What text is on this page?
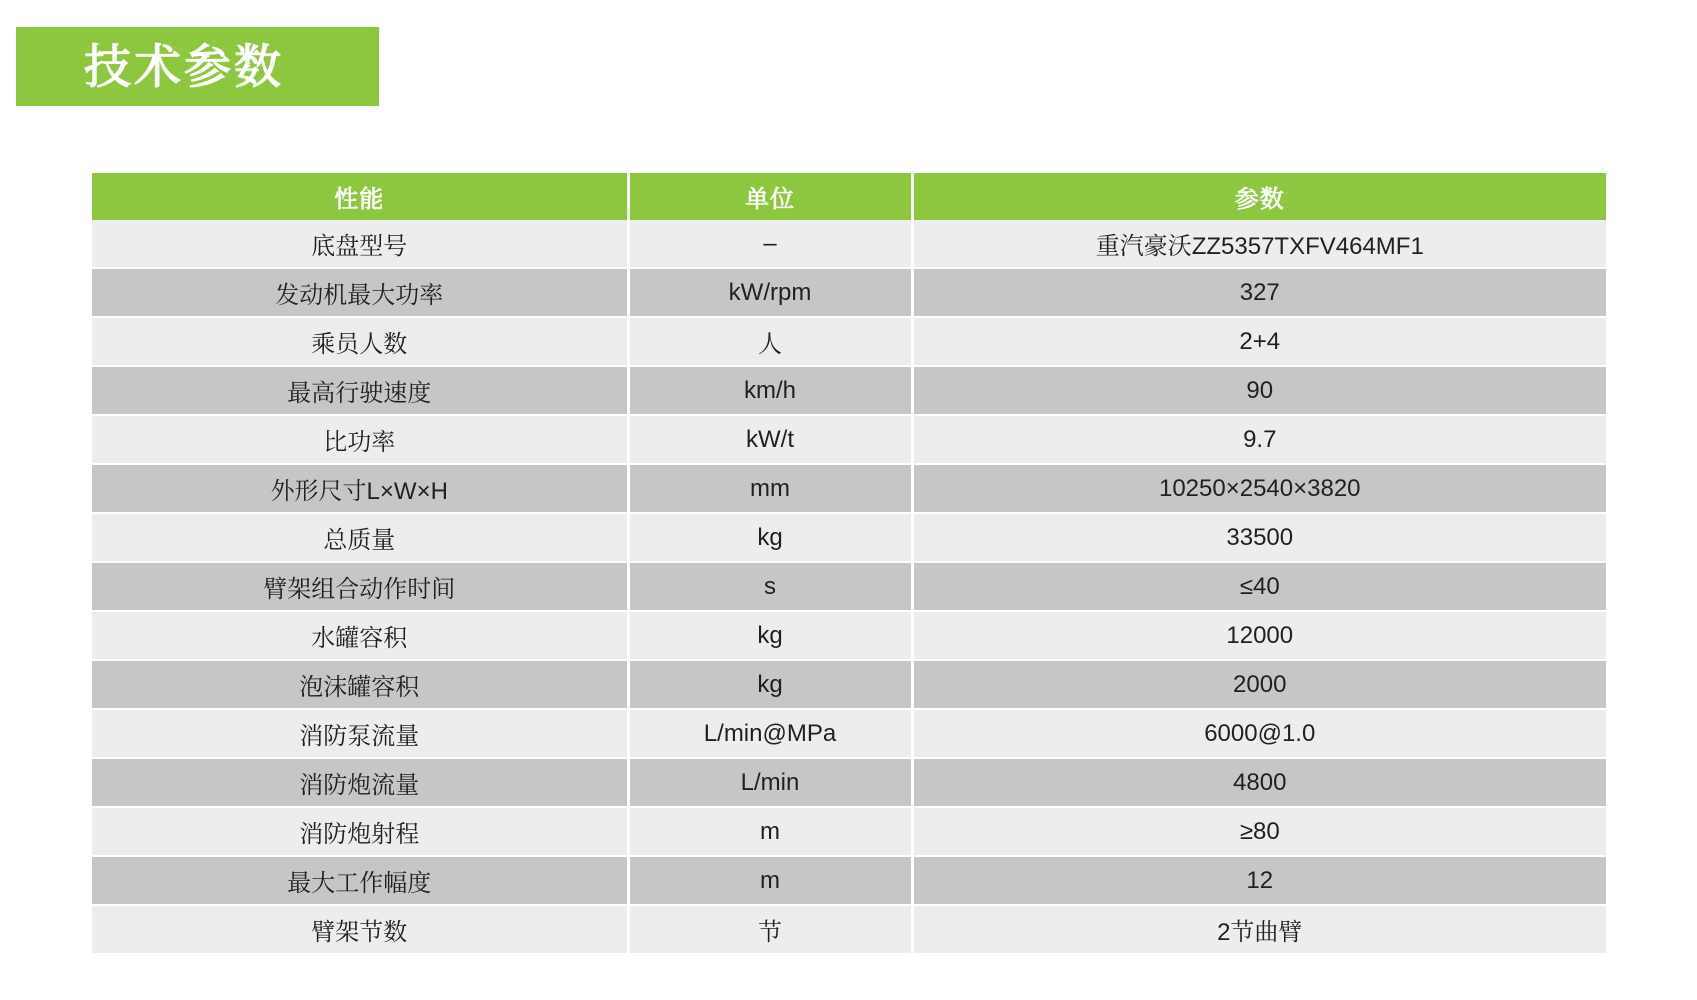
技术参数
性能	单位	参数
底盘型号	–	重汽豪沃ZZ5357TXFV464MF1
发动机最大功率	kW/rpm	327
乘员人数	人	2+4
最高行驶速度	km/h	90
比功率	kW/t	9.7
外形尺寸L×W×H	mm	10250×2540×3820
总质量	kg	33500
臂架组合动作时间	s	≤40
水罐容积	kg	12000
泡沫罐容积	kg	2000
消防泵流量	L/min@MPa	6000@1.0
消防炮流量	L/min	4800
消防炮射程	m	≥80
最大工作幅度	m	12
臂架节数	节	2节曲臂
